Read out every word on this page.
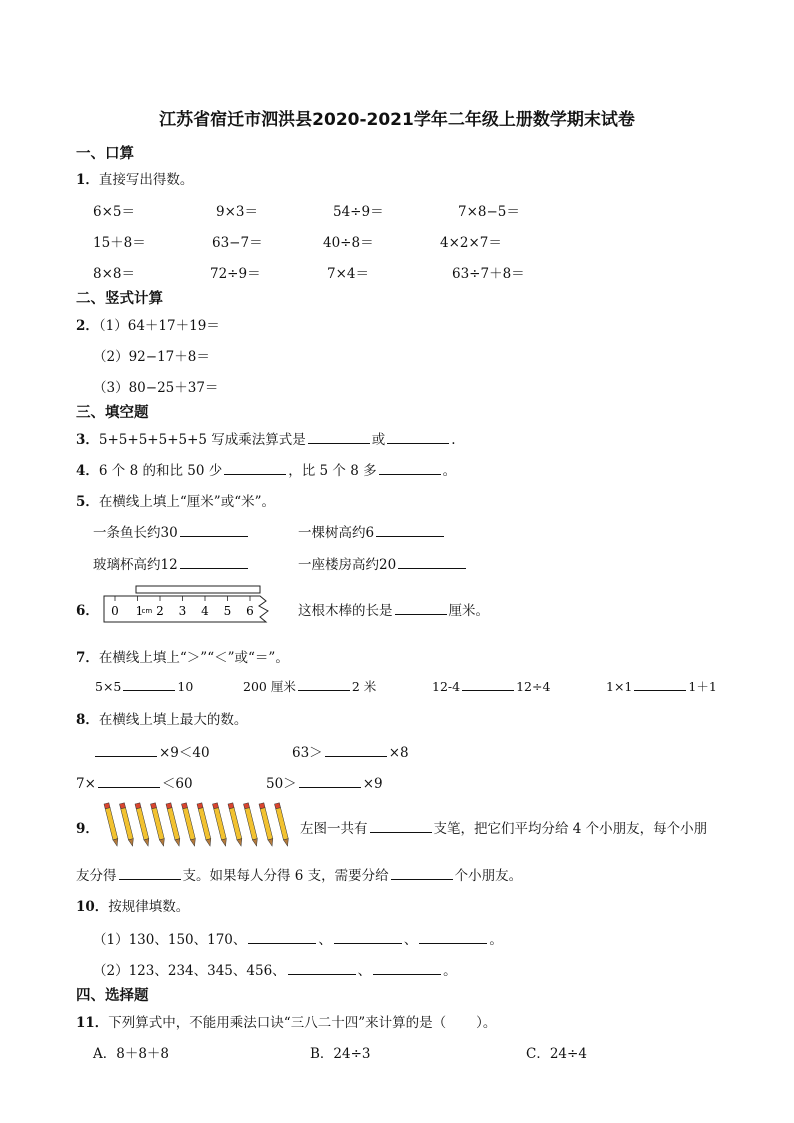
江苏省宿迁市泗洪县2020-2021学年二年级上册数学期末试卷
一、口算
1．直接写出得数。
6×5＝	9×3＝	54÷9＝	7×8−5＝
15＋8＝	63−7＝	40÷8＝	4×2×7＝
8×8＝	72÷9＝	7×4＝	63÷7＋8＝
二、竖式计算
2．（1）64＋17＋19＝
（2）92−17＋8＝
（3）80−25＋37＝
三、填空题
3．5+5+5+5+5+5 写成乘法算式是	或	.
4．6 个 8 的和比 50 少	，比 5 个 8 多	。
5．在横线上填上“厘米”或“米”。
一条鱼长约30	一棵树高约6
玻璃杯高约12	一座楼房高约20
6． 0 1 2 3 4 5 6
cm	这根木棒的长是	厘米。
7．在横线上填上“＞”“＜”或“＝”。
5×5	10	200 厘米	2 米	12-4	12÷4	1×1	1＋1
8．在横线上填上最大的数。
×9＜40	63＞	×8
7×	＜60	50＞	×9
9．	左图一共有	支笔，把它们平均分给 4 个小朋友，每个小朋
友分得	支。如果每人分得 6 支，需要分给	个小朋友。
10．按规律填数。
（1）130、150、170、	、	、	。
（2）123、234、345、456、	、	。
四、选择题
11．下列算式中，不能用乘法口诀“三八二十四”来计算的是（ ）。
A．8＋8＋8	B．24÷3	C．24÷4
